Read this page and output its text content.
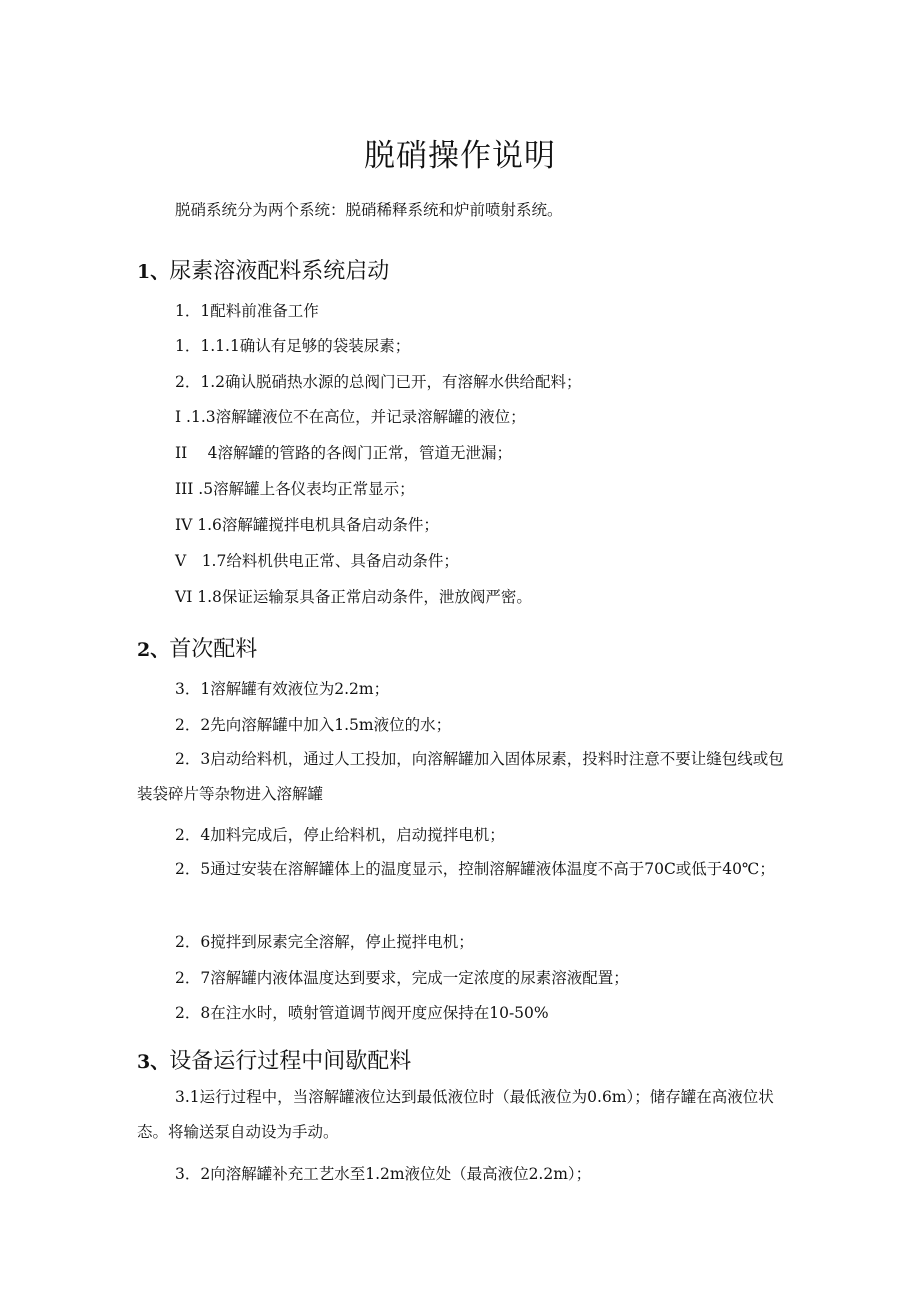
脱硝操作说明
脱硝系统分为两个系统：脱硝稀释系统和炉前喷射系统。
1、尿素溶液配料系统启动
1．1配料前准备工作
1．1.1.1确认有足够的袋装尿素；
2．1.2确认脱硝热水源的总阀门已开，有溶解水供给配料；
I .1.3溶解罐液位不在高位，并记录溶解罐的液位；
II　 4溶解罐的管路的各阀门正常，管道无泄漏；
III .5溶解罐上各仪表均正常显示；
IV 1.6溶解罐搅拌电机具备启动条件；
V　1.7给料机供电正常、具备启动条件；
VI 1.8保证运输泵具备正常启动条件，泄放阀严密。
2、首次配料
3．1溶解罐有效液位为2.2m；
2．2先向溶解罐中加入1.5m液位的水；
2．3启动给料机，通过人工投加，向溶解罐加入固体尿素，投料时注意不要让缝包线或包装袋碎片等杂物进入溶解罐
2．4加料完成后，停止给料机，启动搅拌电机；
2．5通过安装在溶解罐体上的温度显示，控制溶解罐液体温度不高于70C或低于40℃；
2．6搅拌到尿素完全溶解，停止搅拌电机；
2．7溶解罐内液体温度达到要求，完成一定浓度的尿素溶液配置；
2．8在注水时，喷射管道调节阀开度应保持在10-50%
3、设备运行过程中间歇配料
3.1运行过程中，当溶解罐液位达到最低液位时（最低液位为0.6m）；储存罐在高液位状态。将输送泵自动设为手动。
3．2向溶解罐补充工艺水至1.2m液位处（最高液位2.2m）；
